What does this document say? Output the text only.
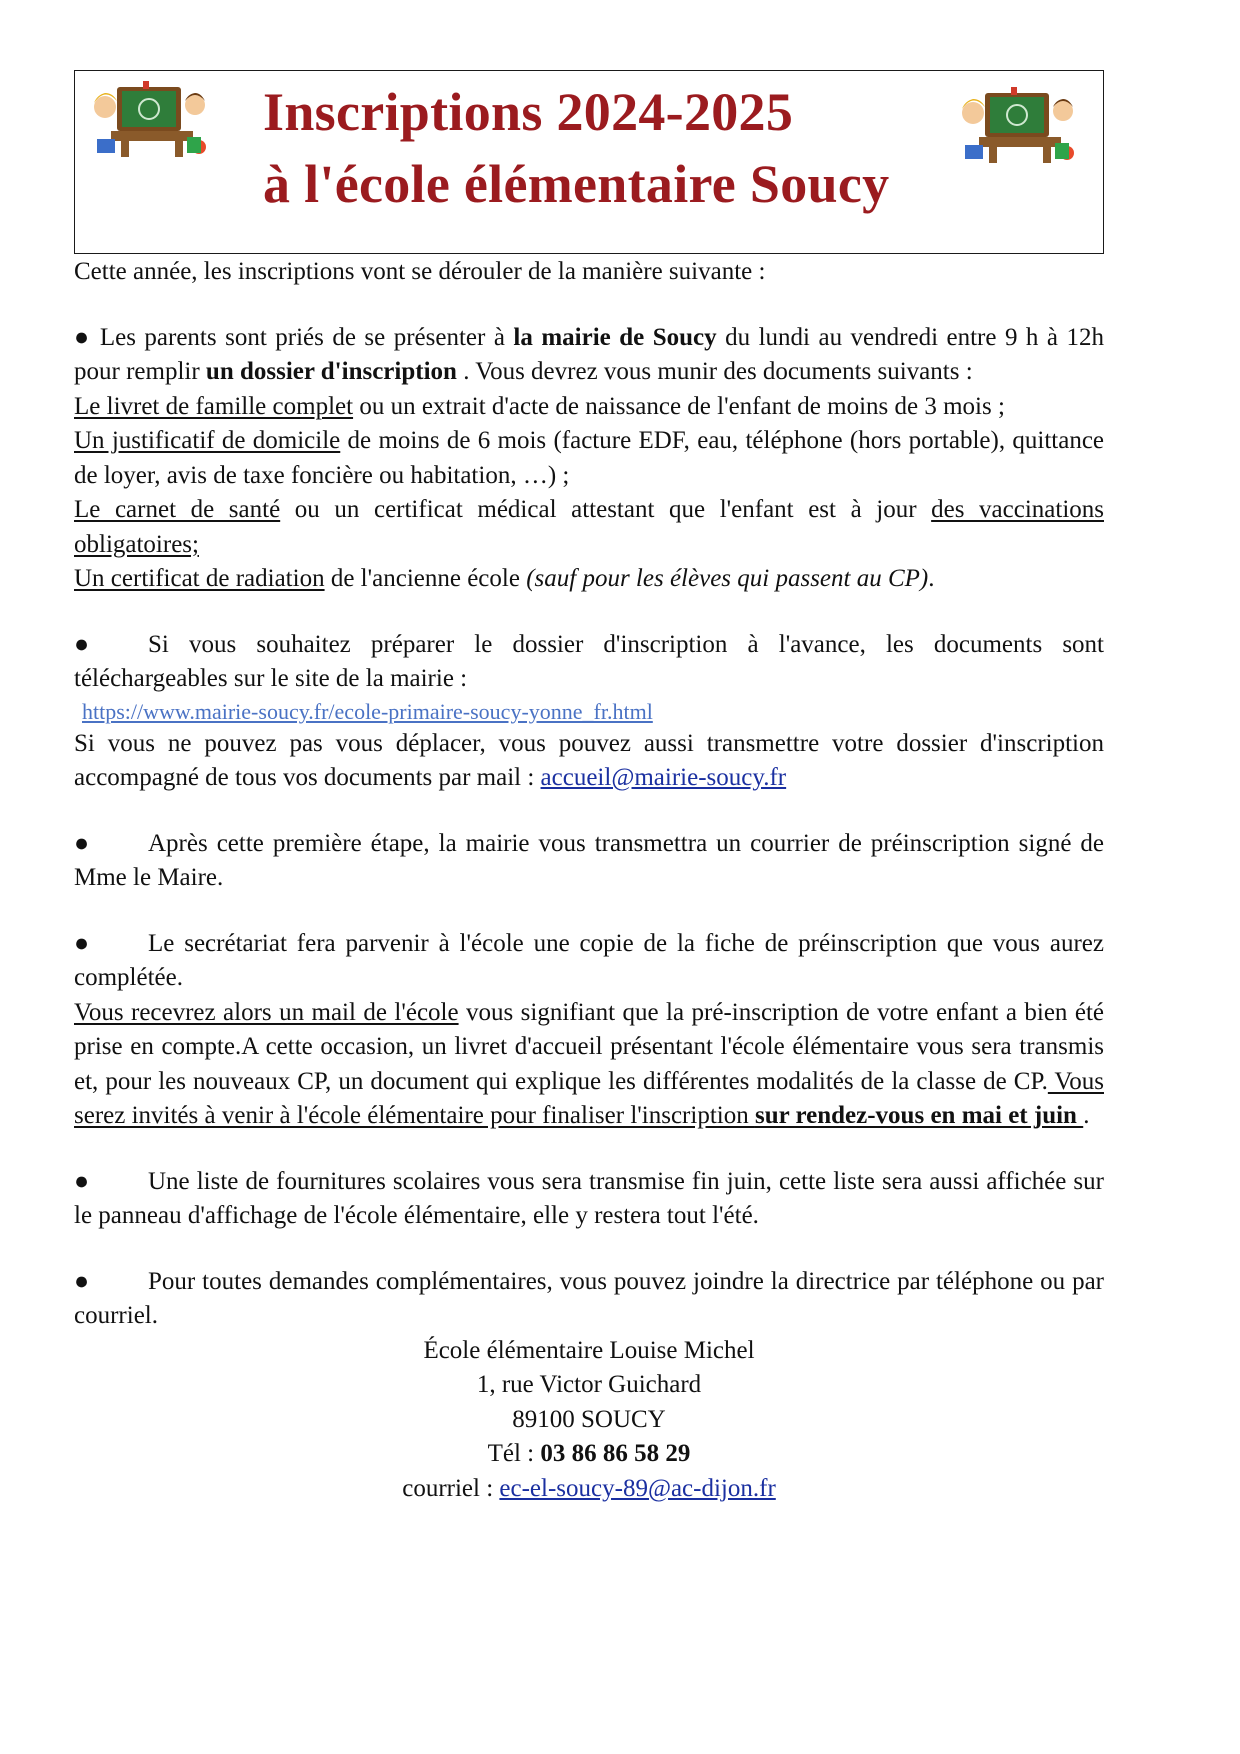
Inscriptions 2024-2025
à l'école élémentaire Soucy

Cette année, les inscriptions vont se dérouler de la manière suivante :

● Les parents sont priés de se présenter à la mairie de Soucy du lundi au vendredi entre 9 h à 12h pour remplir un dossier d'inscription . Vous devrez vous munir des documents suivants :

Le livret de famille complet ou un extrait d'acte de naissance de l'enfant de moins de 3 mois ;

Un justificatif de domicile de moins de 6 mois (facture EDF, eau, téléphone (hors portable), quittance de loyer, avis de taxe foncière ou habitation, …) ;

Le carnet de santé ou un certificat médical attestant que l'enfant est à jour des vaccinations obligatoires;

Un certificat de radiation de l'ancienne école (sauf pour les élèves qui passent au CP).

● Si vous souhaitez préparer le dossier d'inscription à l'avance, les documents sont téléchargeables sur le site de la mairie :

https://www.mairie-soucy.fr/ecole-primaire-soucy-yonne_fr.html

Si vous ne pouvez pas vous déplacer, vous pouvez aussi transmettre votre dossier d'inscription accompagné de tous vos documents par mail : accueil@mairie-soucy.fr

● Après cette première étape, la mairie vous transmettra un courrier de préinscription signé de Mme le Maire.

● Le secrétariat fera parvenir à l'école une copie de la fiche de préinscription que vous aurez complétée.

Vous recevrez alors un mail de l'école vous signifiant que la pré-inscription de votre enfant a bien été prise en compte.A cette occasion, un livret d'accueil présentant l'école élémentaire vous sera transmis et, pour les nouveaux CP, un document qui explique les différentes modalités de la classe de CP. Vous serez invités à venir à l'école élémentaire pour finaliser l'inscription sur rendez-vous en mai et juin .

● Une liste de fournitures scolaires vous sera transmise fin juin, cette liste sera aussi affichée sur le panneau d'affichage de l'école élémentaire, elle y restera tout l'été.

● Pour toutes demandes complémentaires, vous pouvez joindre la directrice par téléphone ou par courriel.

École élémentaire Louise Michel
1, rue Victor Guichard
89100 SOUCY
Tél : 03 86 86 58 29
courriel : ec-el-soucy-89@ac-dijon.fr
